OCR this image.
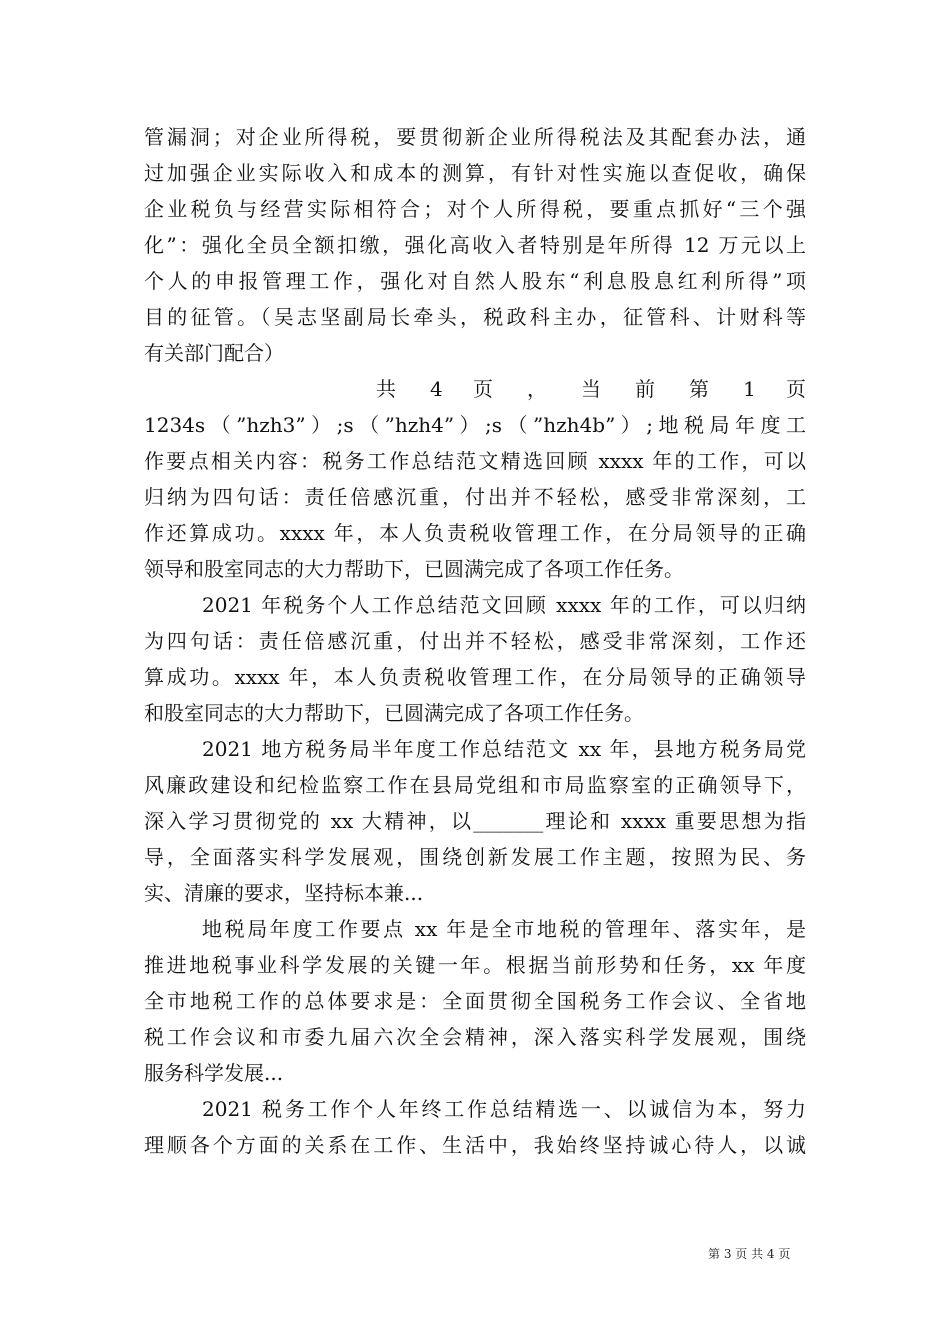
管漏洞；对企业所得税，要贯彻新企业所得税法及其配套办法，通
过加强企业实际收入和成本的测算，有针对性实施以查促收，确保
企业税负与经营实际相符合；对个人所得税，要重点抓好“三个强
化”：强化全员全额扣缴，强化高收入者特别是年所得 12 万元以上
个人的申报管理工作，强化对自然人股东“利息股息红利所得”项
目的征管。（吴志坚副局长牵头，税政科主办，征管科、计财科等
有关部门配合）
共 4 页 ， 当 前 第 1 页
1234s（”hzh3”）;s（”hzh4”）;s（”hzh4b”）;地税局年度工
作要点相关内容：税务工作总结范文精选回顾 xxxx 年的工作，可以
归纳为四句话：责任倍感沉重，付出并不轻松，感受非常深刻，工
作还算成功。xxxx 年，本人负责税收管理工作，在分局领导的正确
领导和股室同志的大力帮助下，已圆满完成了各项工作任务。
2021 年税务个人工作总结范文回顾 xxxx 年的工作，可以归纳
为四句话：责任倍感沉重，付出并不轻松，感受非常深刻，工作还
算成功。xxxx 年，本人负责税收管理工作，在分局领导的正确领导
和股室同志的大力帮助下，已圆满完成了各项工作任务。
2021 地方税务局半年度工作总结范文 xx 年，县地方税务局党
风廉政建设和纪检监察工作在县局党组和市局监察室的正确领导下，
深入学习贯彻党的 xx 大精神，以_______理论和 xxxx 重要思想为指
导，全面落实科学发展观，围绕创新发展工作主题，按照为民、务
实、清廉的要求，坚持标本兼...
地税局年度工作要点 xx 年是全市地税的管理年、落实年，是
推进地税事业科学发展的关键一年。根据当前形势和任务，xx 年度
全市地税工作的总体要求是：全面贯彻全国税务工作会议、全省地
税工作会议和市委九届六次全会精神，深入落实科学发展观，围绕
服务科学发展...
2021 税务工作个人年终工作总结精选一、以诚信为本，努力
理顺各个方面的关系在工作、生活中，我始终坚持诚心待人，以诚
第 3 页 共 4 页
